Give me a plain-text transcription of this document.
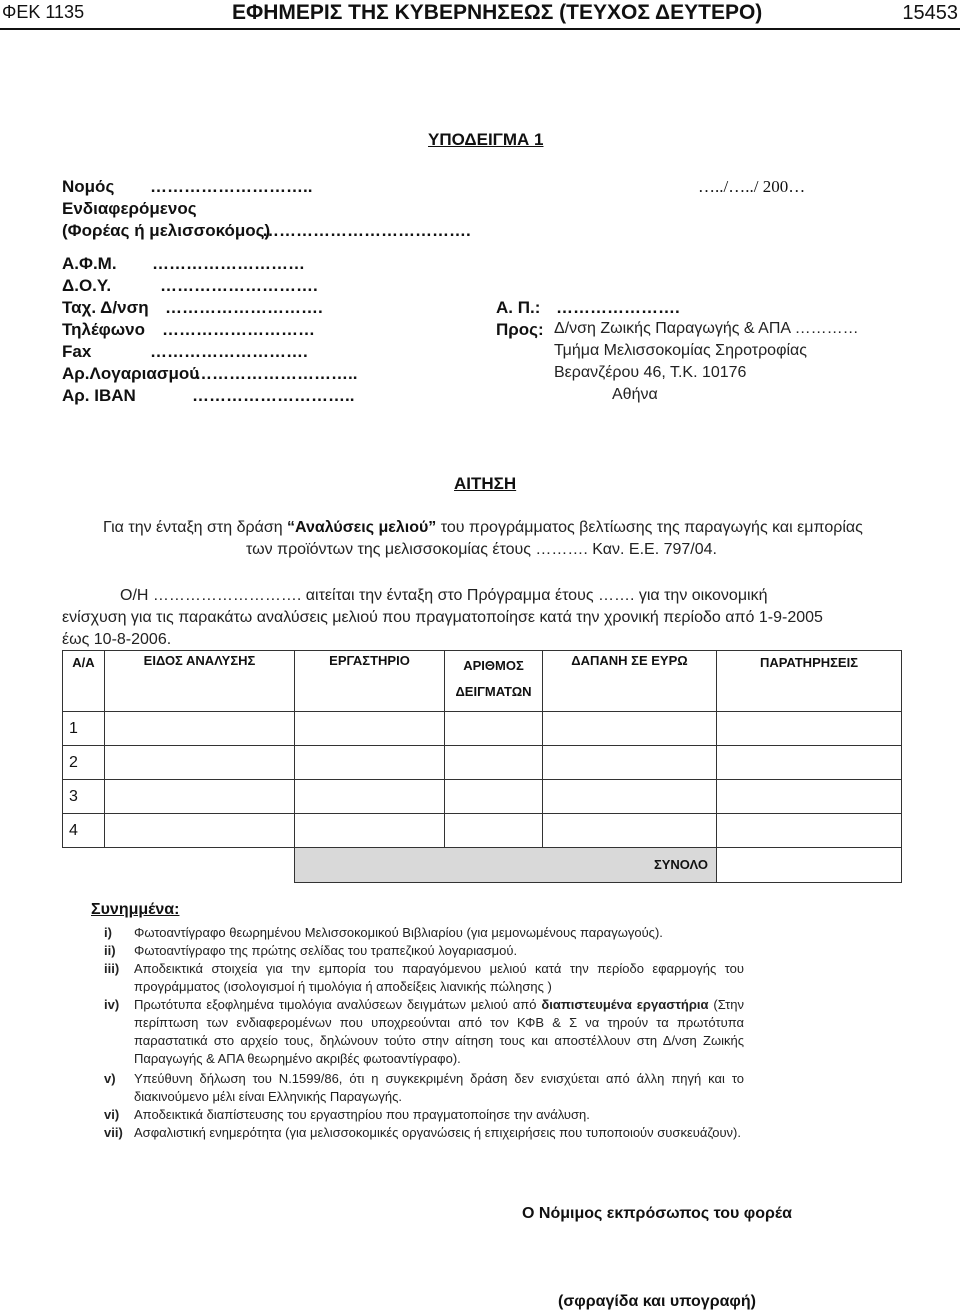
ΦΕΚ 1135	ΕΦΗΜΕΡΙΣ ΤΗΣ ΚΥΒΕΡΝΗΣΕΩΣ (ΤΕΥΧΟΣ ΔΕΥΤΕΡΟ)	15453
ΥΠΟΔΕΙΓΜΑ 1
Νομός ………………………..
Ενδιαφερόμενος
(Φορέας ή μελισσοκόμος)
……………………………….
Α.Φ.Μ. ………………………
Δ.Ο.Υ.	……………………….
Ταχ. Δ/νση ……………………….
Τηλέφωνο ………………………
Fax	……………………….
Αρ.Λογαριασμού
………………………..
Αρ. ΙΒΑΝ	………………………..
…../…../ 200…
Α. Π.: ………………….
Προς: Δ/νση Ζωικής Παραγωγής & ΑΠΑ …………
Τμήμα Μελισσοκομίας Σηροτροφίας
Βερανζέρου 46, Τ.Κ. 10176
Αθήνα
ΑΙΤΗΣΗ
Για την ένταξη στη δράση “Αναλύσεις μελιού” του προγράμματος βελτίωσης της παραγωγής και εμπορίας
των προϊόντων της μελισσοκομίας έτους ………. Καν. Ε.Ε. 797/04.
Ο/Η ………………………. αιτείται την ένταξη στο Πρόγραμμα έτους ……. για την οικονομική
ενίσχυση για τις παρακάτω αναλύσεις μελιού που πραγματοποίησε κατά την χρονική περίοδο από 1-9-2005
έως 10-8-2006.
Α/Α	ΕΙΔΟΣ ΑΝΑΛΥΣΗΣ	ΕΡΓΑΣΤΗΡΙΟ	ΑΡΙΘΜΟΣ ΔΕΙΓΜΑΤΩΝ	ΔΑΠΑΝΗ ΣΕ ΕΥΡΩ	ΠΑΡΑΤΗΡΗΣΕΙΣ
1					
2					
3					
4					
		ΣΥΝΟΛΟ			
Συνημμένα:
i)	Φωτοαντίγραφο θεωρημένου Μελισσοκομικού Βιβλιαρίου (για μεμονωμένους παραγωγούς).
ii)	Φωτοαντίγραφο της πρώτης σελίδας του τραπεζικού λογαριασμού.
iii)	Αποδεικτικά στοιχεία για την εμπορία του παραγόμενου μελιού κατά την περίοδο εφαρμογής του προγράμματος (ισολογισμοί ή τιμολόγια ή αποδείξεις λιανικής πώλησης )
iv)	Πρωτότυπα εξοφλημένα τιμολόγια αναλύσεων δειγμάτων μελιού από διαπιστευμένα εργαστήρια (Στην περίπτωση των ενδιαφερομένων που υποχρεούνται από τον ΚΦΒ & Σ να τηρούν τα πρωτότυπα παραστατικά στο αρχείο τους, δηλώνουν τούτο στην αίτηση τους και αποστέλλουν στη Δ/νση Ζωικής Παραγωγής & ΑΠΑ θεωρημένο ακριβές φωτοαντίγραφο).
v)	Υπεύθυνη δήλωση του Ν.1599/86, ότι η συγκεκριμένη δράση δεν ενισχύεται από άλλη πηγή και το διακινούμενο μέλι είναι Ελληνικής Παραγωγής.
vi)	Αποδεικτικά διαπίστευσης του εργαστηρίου που πραγματοποίησε την ανάλυση.
vii) Ασφαλιστική ενημερότητα (για μελισσοκομικές οργανώσεις ή επιχειρήσεις που τυποποιούν συσκευάζουν).
Ο Νόμιμος εκπρόσωπος του φορέα
(σφραγίδα και υπογραφή)
